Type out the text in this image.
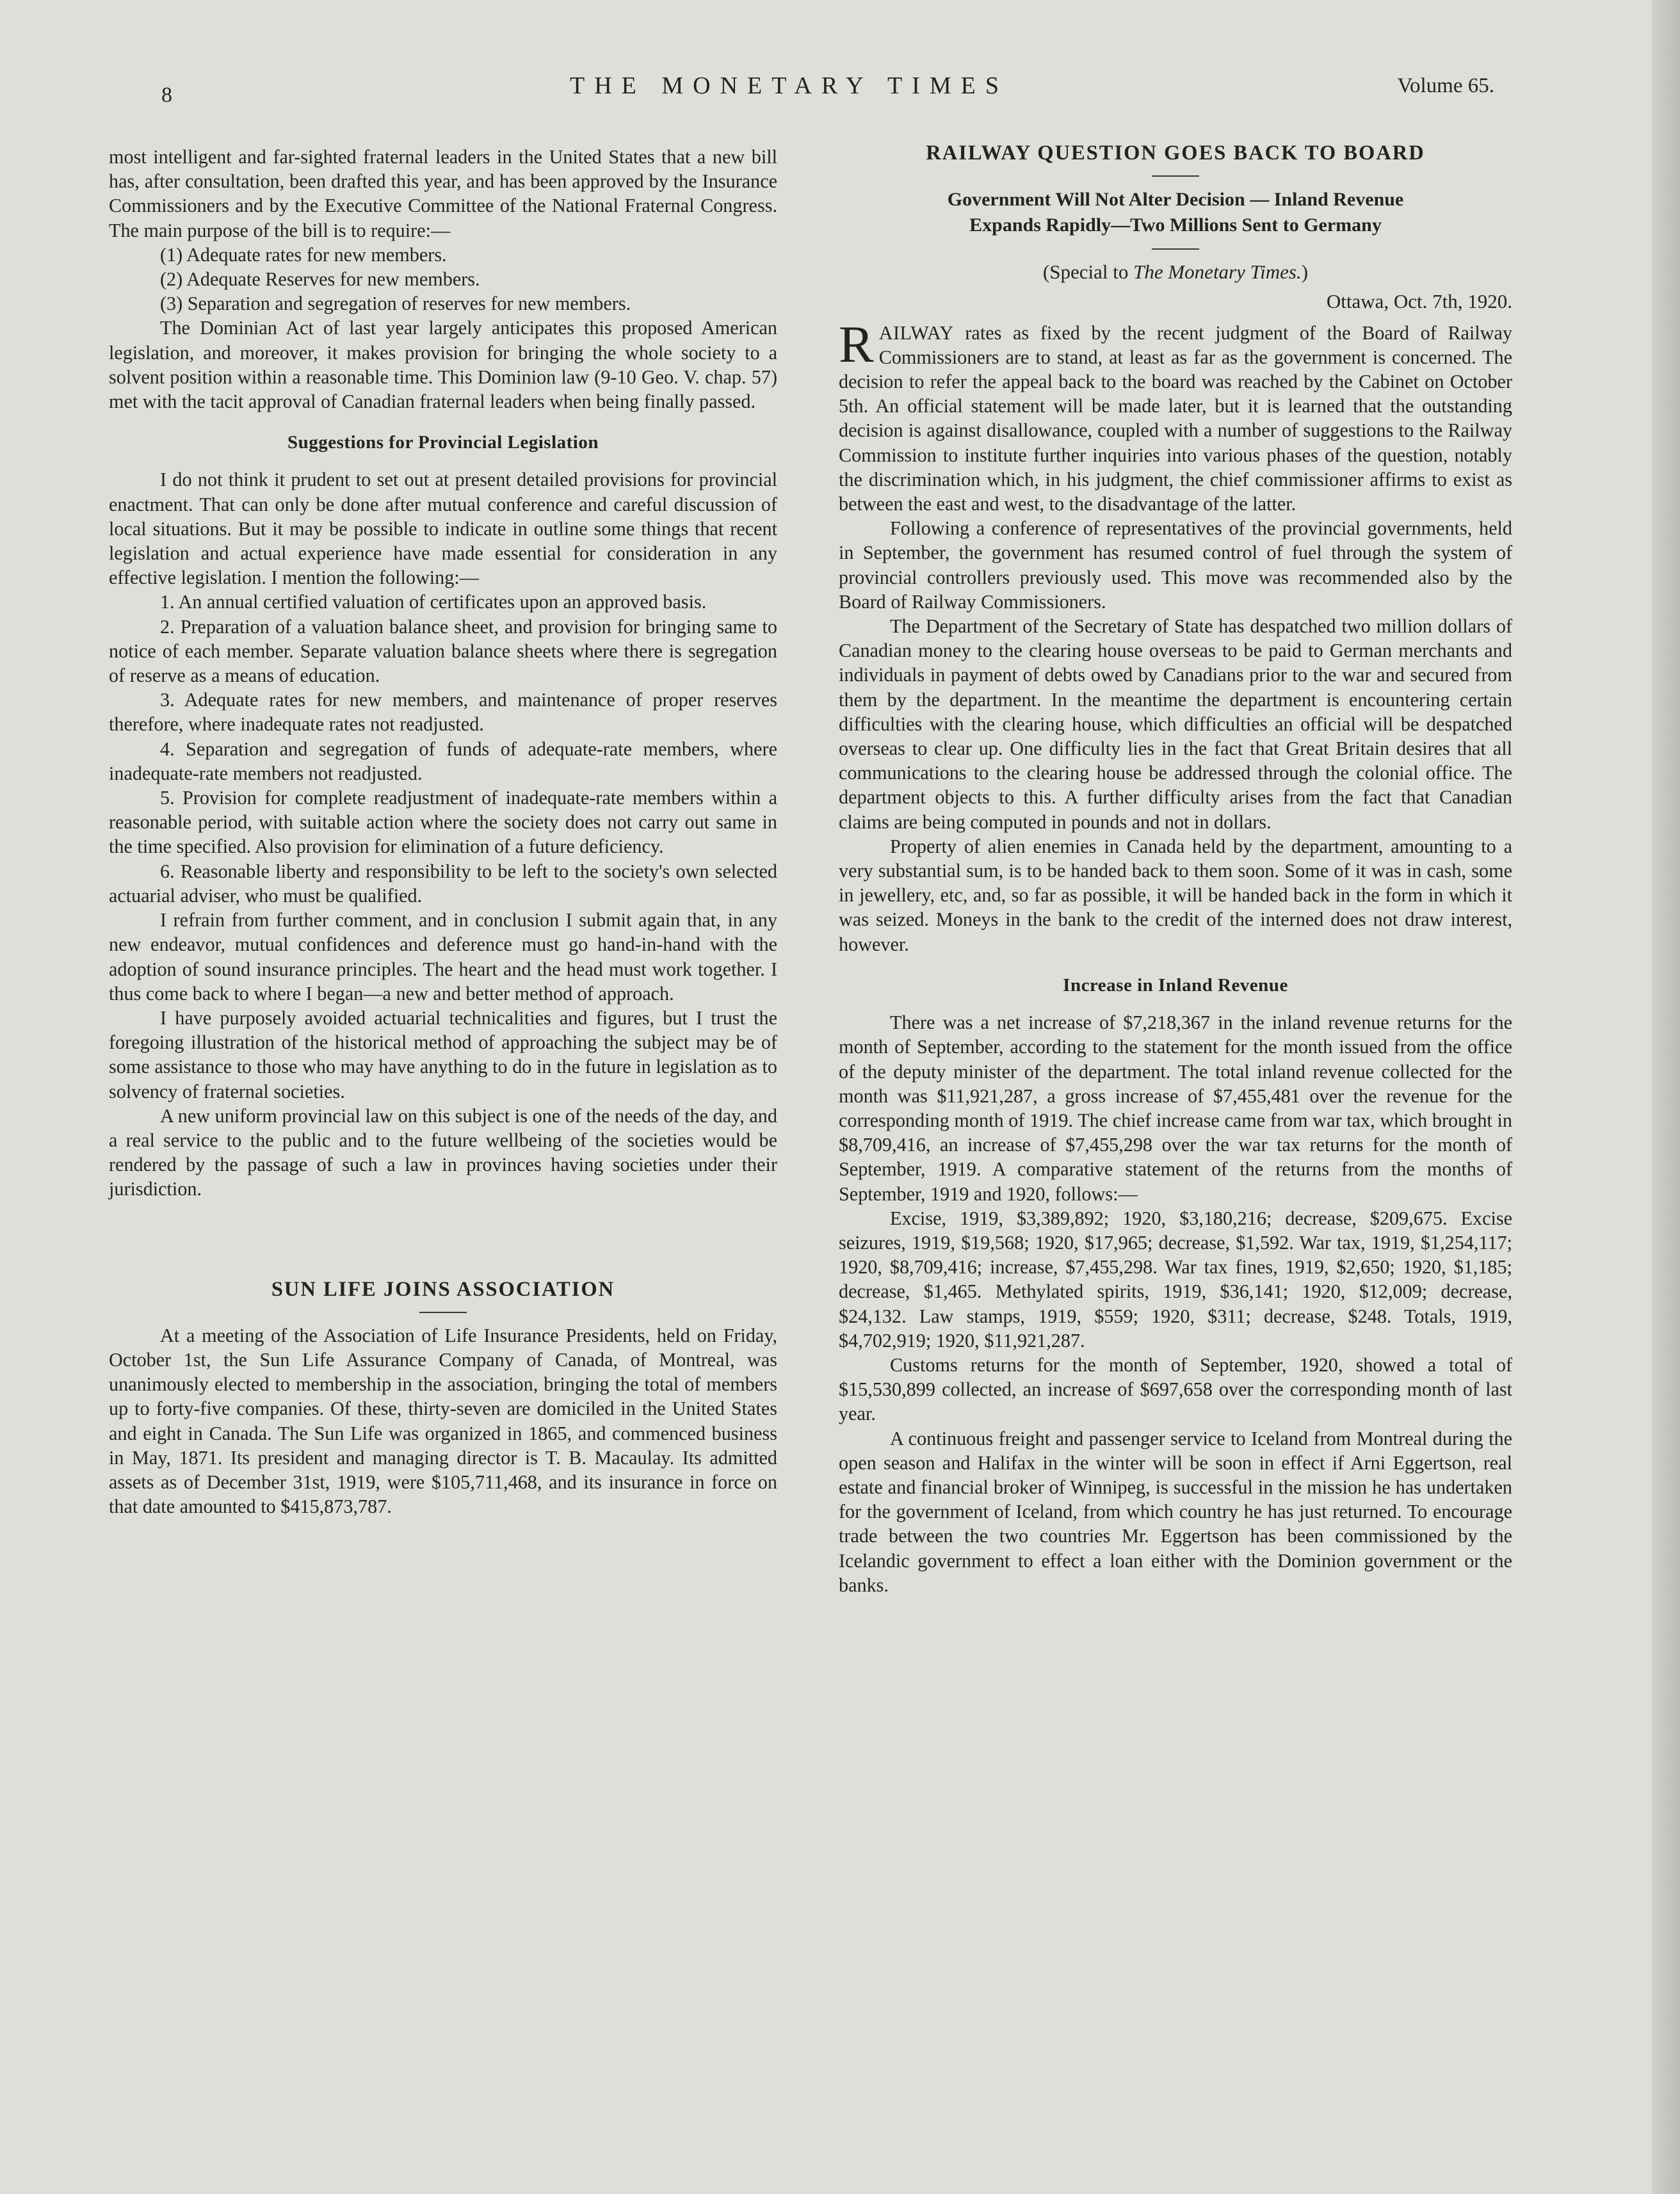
8	THE MONETARY TIMES	Volume 65.

most intelligent and far-sighted fraternal leaders in the United States that a new bill has, after consultation, been drafted this year, and has been approved by the Insurance Commissioners and by the Executive Committee of the National Fraternal Congress. The main purpose of the bill is to require:—

(1) Adequate rates for new members.

(2) Adequate Reserves for new members.

(3) Separation and segregation of reserves for new members.

The Dominian Act of last year largely anticipates this proposed American legislation, and moreover, it makes provision for bringing the whole society to a solvent position within a reasonable time. This Dominion law (9-10 Geo. V. chap. 57) met with the tacit approval of Canadian fraternal leaders when being finally passed.

Suggestions for Provincial Legislation

I do not think it prudent to set out at present detailed provisions for provincial enactment. That can only be done after mutual conference and careful discussion of local situations. But it may be possible to indicate in outline some things that recent legislation and actual experience have made essential for consideration in any effective legislation. I mention the following:—

1. An annual certified valuation of certificates upon an approved basis.

2. Preparation of a valuation balance sheet, and provision for bringing same to notice of each member. Separate valuation balance sheets where there is segregation of reserve as a means of education.

3. Adequate rates for new members, and maintenance of proper reserves therefore, where inadequate rates not readjusted.

4. Separation and segregation of funds of adequate-rate members, where inadequate-rate members not readjusted.

5. Provision for complete readjustment of inadequate-rate members within a reasonable period, with suitable action where the society does not carry out same in the time specified. Also provision for elimination of a future deficiency.

6. Reasonable liberty and responsibility to be left to the society's own selected actuarial adviser, who must be qualified.

I refrain from further comment, and in conclusion I submit again that, in any new endeavor, mutual confidences and deference must go hand-in-hand with the adoption of sound insurance principles. The heart and the head must work together. I thus come back to where I began—a new and better method of approach.

I have purposely avoided actuarial technicalities and figures, but I trust the foregoing illustration of the historical method of approaching the subject may be of some assistance to those who may have anything to do in the future in legislation as to solvency of fraternal societies.

A new uniform provincial law on this subject is one of the needs of the day, and a real service to the public and to the future wellbeing of the societies would be rendered by the passage of such a law in provinces having societies under their jurisdiction.

SUN LIFE JOINS ASSOCIATION

At a meeting of the Association of Life Insurance Presidents, held on Friday, October 1st, the Sun Life Assurance Company of Canada, of Montreal, was unanimously elected to membership in the association, bringing the total of members up to forty-five companies. Of these, thirty-seven are domiciled in the United States and eight in Canada. The Sun Life was organized in 1865, and commenced business in May, 1871. Its president and managing director is T. B. Macaulay. Its admitted assets as of December 31st, 1919, were $105,711,468, and its insurance in force on that date amounted to $415,873,787.

RAILWAY QUESTION GOES BACK TO BOARD
Government Will Not Alter Decision — Inland Revenue
Expands Rapidly—Two Millions Sent to Germany
(Special to The Monetary Times.)
Ottawa, Oct. 7th, 1920.

RAILWAY rates as fixed by the recent judgment of the Board of Railway Commissioners are to stand, at least as far as the government is concerned. The decision to refer the appeal back to the board was reached by the Cabinet on October 5th. An official statement will be made later, but it is learned that the outstanding decision is against disallowance, coupled with a number of suggestions to the Railway Commission to institute further inquiries into various phases of the question, notably the discrimination which, in his judgment, the chief commissioner affirms to exist as between the east and west, to the disadvantage of the latter.

Following a conference of representatives of the provincial governments, held in September, the government has resumed control of fuel through the system of provincial controllers previously used. This move was recommended also by the Board of Railway Commissioners.

The Department of the Secretary of State has despatched two million dollars of Canadian money to the clearing house overseas to be paid to German merchants and individuals in payment of debts owed by Canadians prior to the war and secured from them by the department. In the meantime the department is encountering certain difficulties with the clearing house, which difficulties an official will be despatched overseas to clear up. One difficulty lies in the fact that Great Britain desires that all communications to the clearing house be addressed through the colonial office. The department objects to this. A further difficulty arises from the fact that Canadian claims are being computed in pounds and not in dollars.

Property of alien enemies in Canada held by the department, amounting to a very substantial sum, is to be handed back to them soon. Some of it was in cash, some in jewellery, etc, and, so far as possible, it will be handed back in the form in which it was seized. Moneys in the bank to the credit of the interned does not draw interest, however.

Increase in Inland Revenue

There was a net increase of $7,218,367 in the inland revenue returns for the month of September, according to the statement for the month issued from the office of the deputy minister of the department. The total inland revenue collected for the month was $11,921,287, a gross increase of $7,455,481 over the revenue for the corresponding month of 1919. The chief increase came from war tax, which brought in $8,709,416, an increase of $7,455,298 over the war tax returns for the month of September, 1919. A comparative statement of the returns from the months of September, 1919 and 1920, follows:—

Excise, 1919, $3,389,892; 1920, $3,180,216; decrease, $209,675. Excise seizures, 1919, $19,568; 1920, $17,965; decrease, $1,592. War tax, 1919, $1,254,117; 1920, $8,709,416; increase, $7,455,298. War tax fines, 1919, $2,650; 1920, $1,185; decrease, $1,465. Methylated spirits, 1919, $36,141; 1920, $12,009; decrease, $24,132. Law stamps, 1919, $559; 1920, $311; decrease, $248. Totals, 1919, $4,702,919; 1920, $11,921,287.

Customs returns for the month of September, 1920, showed a total of $15,530,899 collected, an increase of $697,658 over the corresponding month of last year.

A continuous freight and passenger service to Iceland from Montreal during the open season and Halifax in the winter will be soon in effect if Arni Eggertson, real estate and financial broker of Winnipeg, is successful in the mission he has undertaken for the government of Iceland, from which country he has just returned. To encourage trade between the two countries Mr. Eggertson has been commissioned by the Icelandic government to effect a loan either with the Dominion government or the banks.
